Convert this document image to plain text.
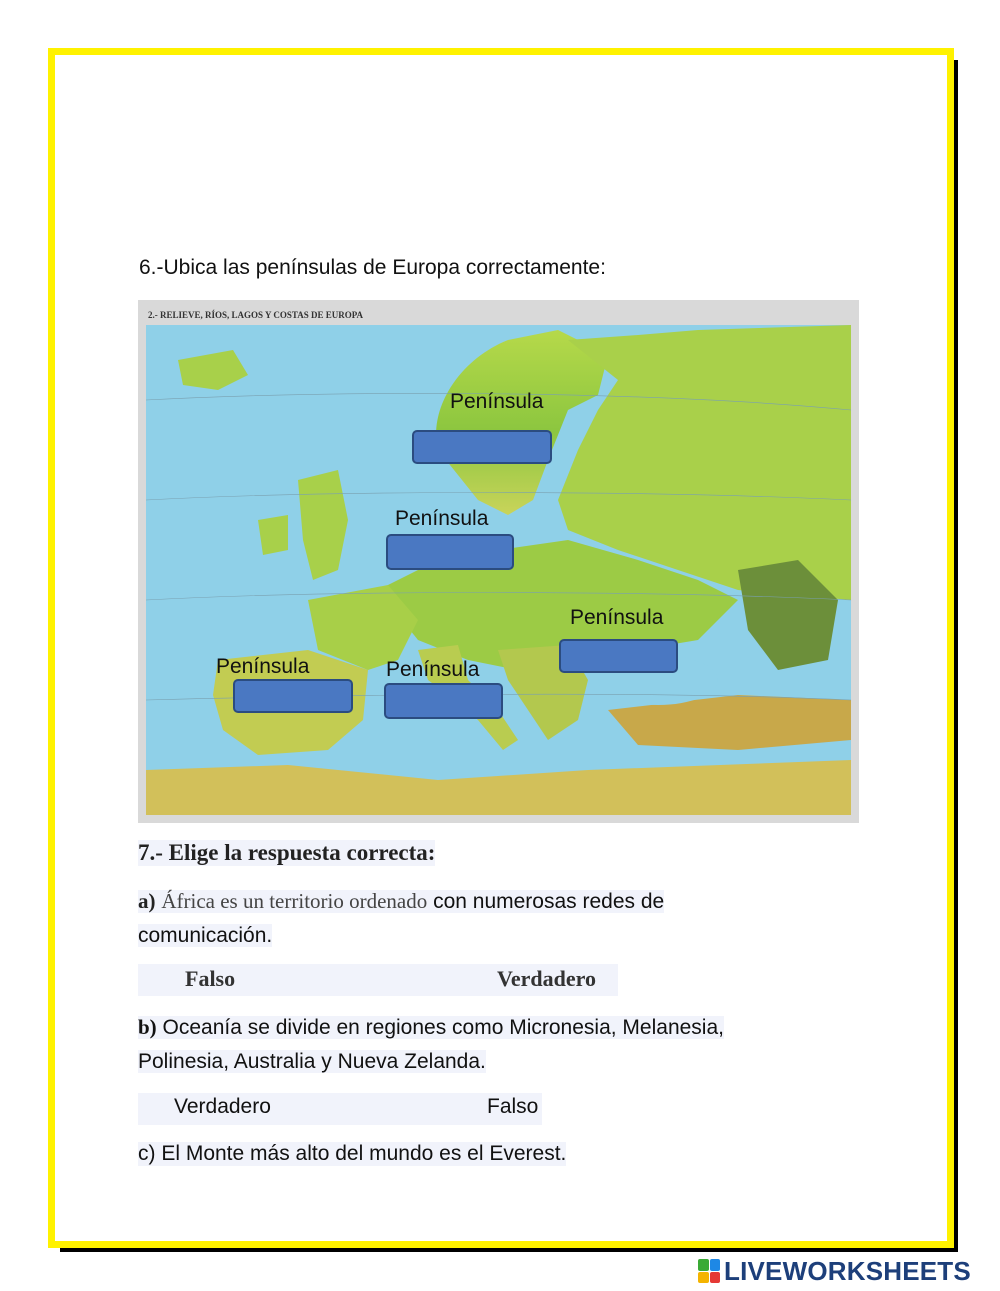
6.-Ubica las penínsulas de Europa correctamente:
2.- RELIEVE, RÍOS, LAGOS Y COSTAS DE EUROPA
Península
Península
Península
Península	Península
7.- Elige la respuesta correcta:
a) África es un territorio ordenado con numerosas redes de
comunicación.
Falso	Verdadero
b) Oceanía se divide en regiones como Micronesia, Melanesia,
Polinesia, Australia y Nueva Zelanda.
Verdadero	Falso
c) El Monte más alto del mundo es el Everest.
LIVEWORKSHEETS
